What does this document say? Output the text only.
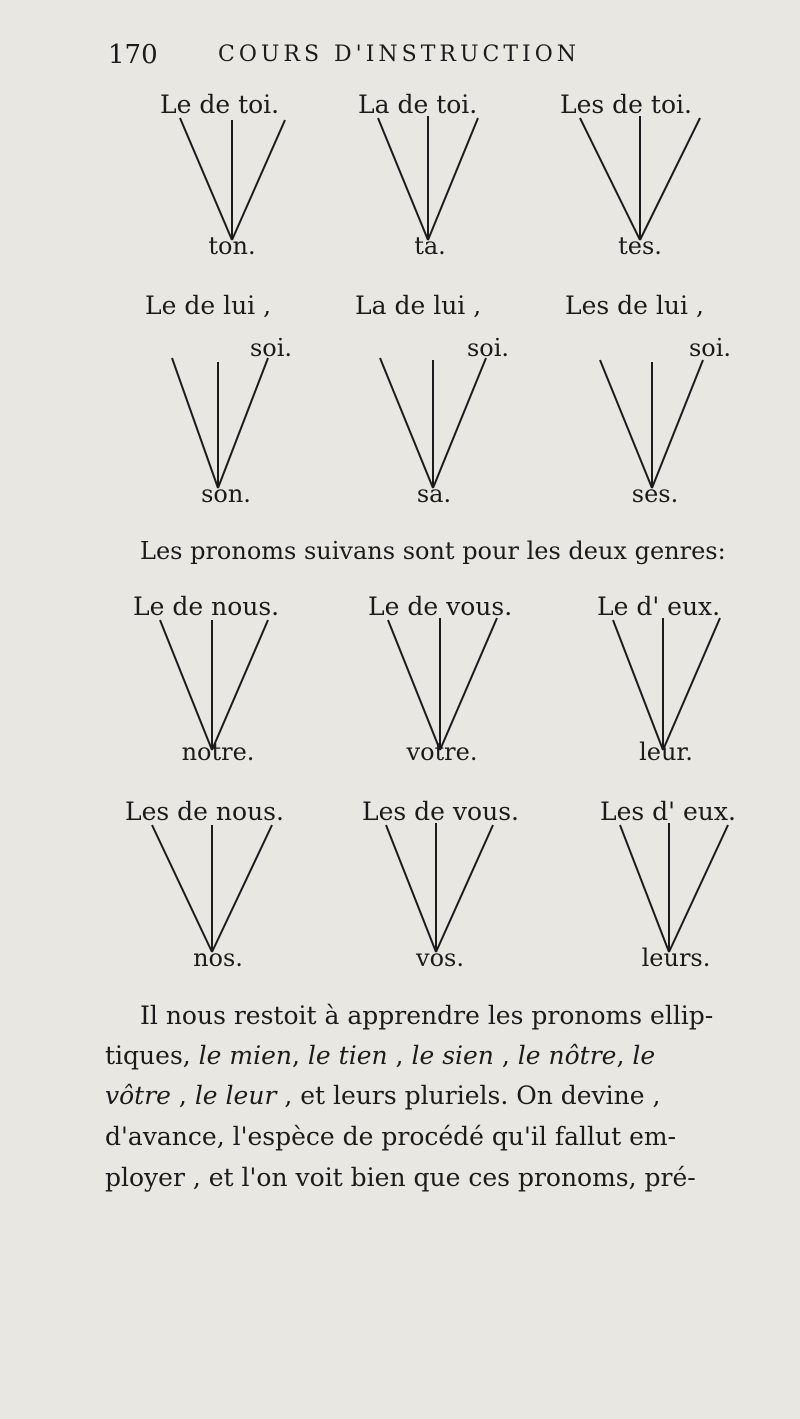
170	COURS D'INSTRUCTION
Le de toi.	La de toi.	Les de toi.
ton.	ta.	tes.
Le de lui ,	La de lui ,	Les de lui ,
soi.	soi.	soi.
son.	sa.	ses.
Les pronoms suivans sont pour les deux genres:
Le de nous.	Le de vous.	Le d' eux.
notre.	votre.	leur.
Les de nous.	Les de vous.	Les d' eux.
nos.	vos.	leurs.
Il nous restoit à apprendre les pronoms ellip-
tiques, le mien, le tien , le sien , le nôtre, le
vôtre , le leur , et leurs pluriels. On devine ,
d'avance, l'espèce de procédé qu'il fallut em-
ployer , et l'on voit bien que ces pronoms, pré-
